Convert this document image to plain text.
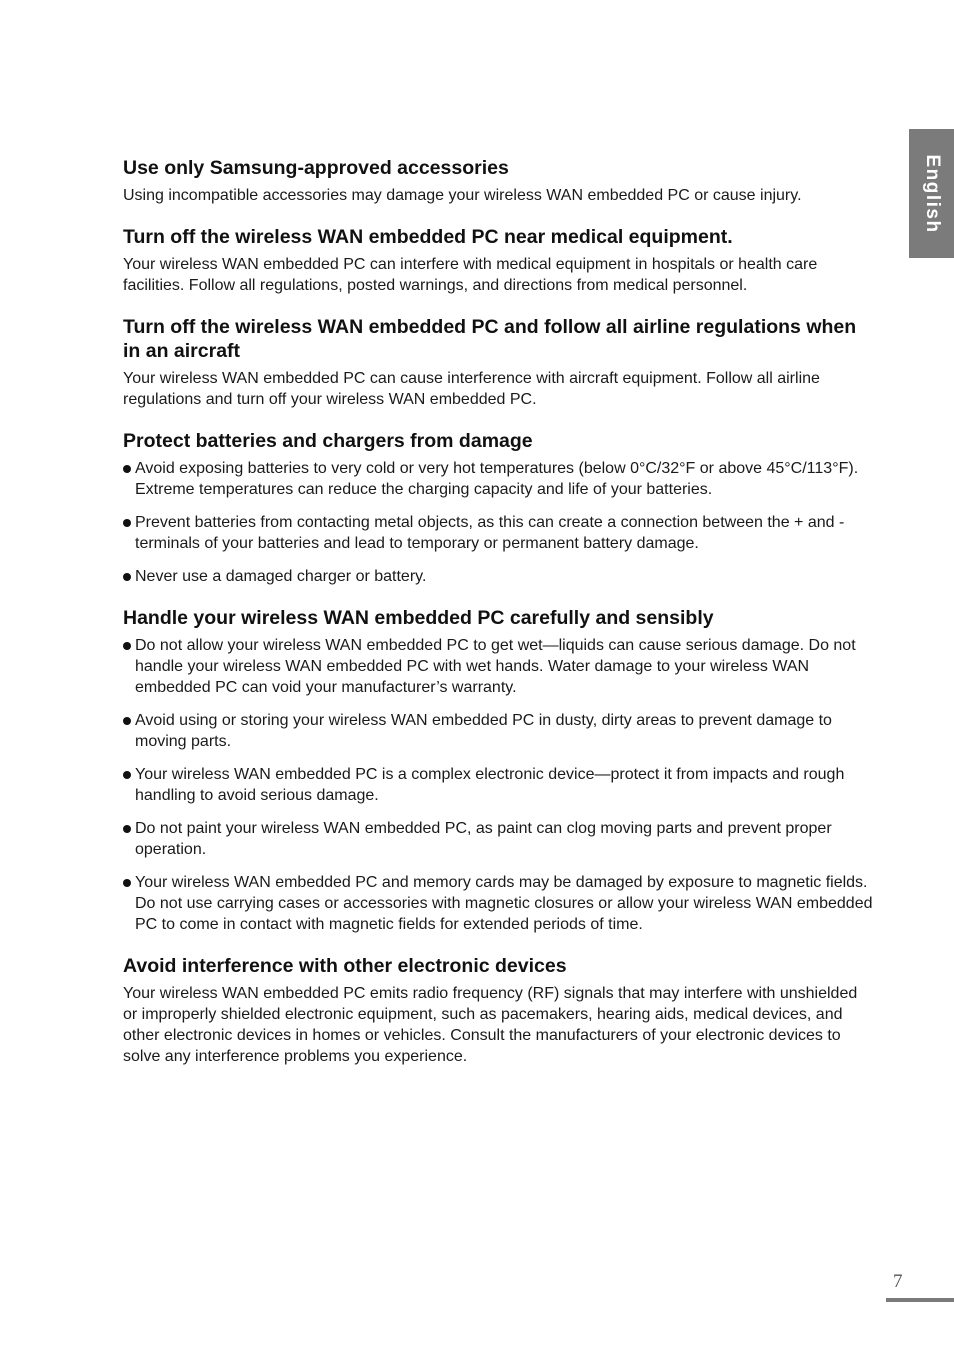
English
Use only Samsung-approved accessories

Using incompatible accessories may damage your wireless WAN embedded PC or cause injury.

Turn off the wireless WAN embedded PC near medical equipment.

Your wireless WAN embedded PC can interfere with medical equipment in hospitals or health care facilities. Follow all regulations, posted warnings, and directions from medical personnel.

Turn off the wireless WAN embedded PC and follow all airline regulations when in an aircraft

Your wireless WAN embedded PC can cause interference with aircraft equipment. Follow all airline regulations and turn off your wireless WAN embedded PC.

Protect batteries and chargers from damage
Avoid exposing batteries to very cold or very hot temperatures (below 0°C/32°F or above 45°C/113°F). Extreme temperatures can reduce the charging capacity and life of your batteries.
Prevent batteries from contacting metal objects, as this can create a connection between the + and - terminals of your batteries and lead to temporary or permanent battery damage.
Never use a damaged charger or battery.
Handle your wireless WAN embedded PC carefully and sensibly
Do not allow your wireless WAN embedded PC to get wet—liquids can cause serious damage. Do not handle your wireless WAN embedded PC with wet hands. Water damage to your wireless WAN embedded PC can void your manufacturer’s warranty.
Avoid using or storing your wireless WAN embedded PC in dusty, dirty areas to prevent damage to moving parts.
Your wireless WAN embedded PC is a complex electronic device—protect it from impacts and rough handling to avoid serious damage.
Do not paint your wireless WAN embedded PC, as paint can clog moving parts and prevent proper operation.
Your wireless WAN embedded PC and memory cards may be damaged by exposure to magnetic fields. Do not use carrying cases or accessories with magnetic closures or allow your wireless WAN embedded PC to come in contact with magnetic fields for extended periods of time.
Avoid interference with other electronic devices

Your wireless WAN embedded PC emits radio frequency (RF) signals that may interfere with unshielded or improperly shielded electronic equipment, such as pacemakers, hearing aids, medical devices, and other electronic devices in homes or vehicles. Consult the manufacturers of your electronic devices to solve any interference problems you experience.

7
